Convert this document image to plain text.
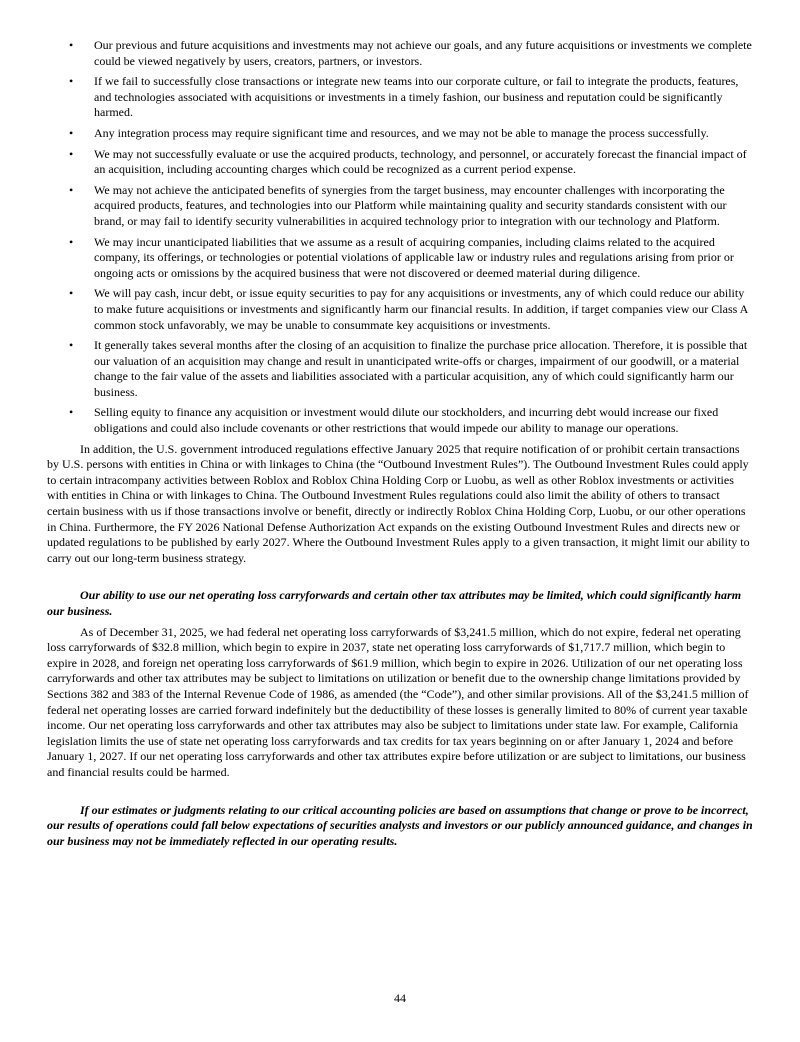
• Our previous and future acquisitions and investments may not achieve our goals, and any future acquisitions or investments we complete could be viewed negatively by users, creators, partners, or investors.
• If we fail to successfully close transactions or integrate new teams into our corporate culture, or fail to integrate the products, features, and technologies associated with acquisitions or investments in a timely fashion, our business and reputation could be significantly harmed.
• Any integration process may require significant time and resources, and we may not be able to manage the process successfully.
• We may not successfully evaluate or use the acquired products, technology, and personnel, or accurately forecast the financial impact of an acquisition, including accounting charges which could be recognized as a current period expense.
• We may not achieve the anticipated benefits of synergies from the target business, may encounter challenges with incorporating the acquired products, features, and technologies into our Platform while maintaining quality and security standards consistent with our brand, or may fail to identify security vulnerabilities in acquired technology prior to integration with our technology and Platform.
• We may incur unanticipated liabilities that we assume as a result of acquiring companies, including claims related to the acquired company, its offerings, or technologies or potential violations of applicable law or industry rules and regulations arising from prior or ongoing acts or omissions by the acquired business that were not discovered or deemed material during diligence.
• We will pay cash, incur debt, or issue equity securities to pay for any acquisitions or investments, any of which could reduce our ability to make future acquisitions or investments and significantly harm our financial results. In addition, if target companies view our Class A common stock unfavorably, we may be unable to consummate key acquisitions or investments.
• It generally takes several months after the closing of an acquisition to finalize the purchase price allocation. Therefore, it is possible that our valuation of an acquisition may change and result in unanticipated write-offs or charges, impairment of our goodwill, or a material change to the fair value of the assets and liabilities associated with a particular acquisition, any of which could significantly harm our business.
• Selling equity to finance any acquisition or investment would dilute our stockholders, and incurring debt would increase our fixed obligations and could also include covenants or other restrictions that would impede our ability to manage our operations.

In addition, the U.S. government introduced regulations effective January 2025 that require notification of or prohibit certain transactions by U.S. persons with entities in China or with linkages to China (the “Outbound Investment Rules”). The Outbound Investment Rules could apply to certain intracompany activities between Roblox and Roblox China Holding Corp or Luobu, as well as other Roblox investments or activities with entities in China or with linkages to China. The Outbound Investment Rules regulations could also limit the ability of others to transact certain business with us if those transactions involve or benefit, directly or indirectly Roblox China Holding Corp, Luobu, or our other operations in China. Furthermore, the FY 2026 National Defense Authorization Act expands on the existing Outbound Investment Rules and directs new or updated regulations to be published by early 2027. Where the Outbound Investment Rules apply to a given transaction, it might limit our ability to carry out our long-term business strategy.

Our ability to use our net operating loss carryforwards and certain other tax attributes may be limited, which could significantly harm our business.

As of December 31, 2025, we had federal net operating loss carryforwards of $3,241.5 million, which do not expire, federal net operating loss carryforwards of $32.8 million, which begin to expire in 2037, state net operating loss carryforwards of $1,717.7 million, which begin to expire in 2028, and foreign net operating loss carryforwards of $61.9 million, which begin to expire in 2026. Utilization of our net operating loss carryforwards and other tax attributes may be subject to limitations on utilization or benefit due to the ownership change limitations provided by Sections 382 and 383 of the Internal Revenue Code of 1986, as amended (the “Code”), and other similar provisions. All of the $3,241.5 million of federal net operating losses are carried forward indefinitely but the deductibility of these losses is generally limited to 80% of current year taxable income. Our net operating loss carryforwards and other tax attributes may also be subject to limitations under state law. For example, California legislation limits the use of state net operating loss carryforwards and tax credits for tax years beginning on or after January 1, 2024 and before January 1, 2027. If our net operating loss carryforwards and other tax attributes expire before utilization or are subject to limitations, our business and financial results could be harmed.

If our estimates or judgments relating to our critical accounting policies are based on assumptions that change or prove to be incorrect, our results of operations could fall below expectations of securities analysts and investors or our publicly announced guidance, and changes in our business may not be immediately reflected in our operating results.
44
